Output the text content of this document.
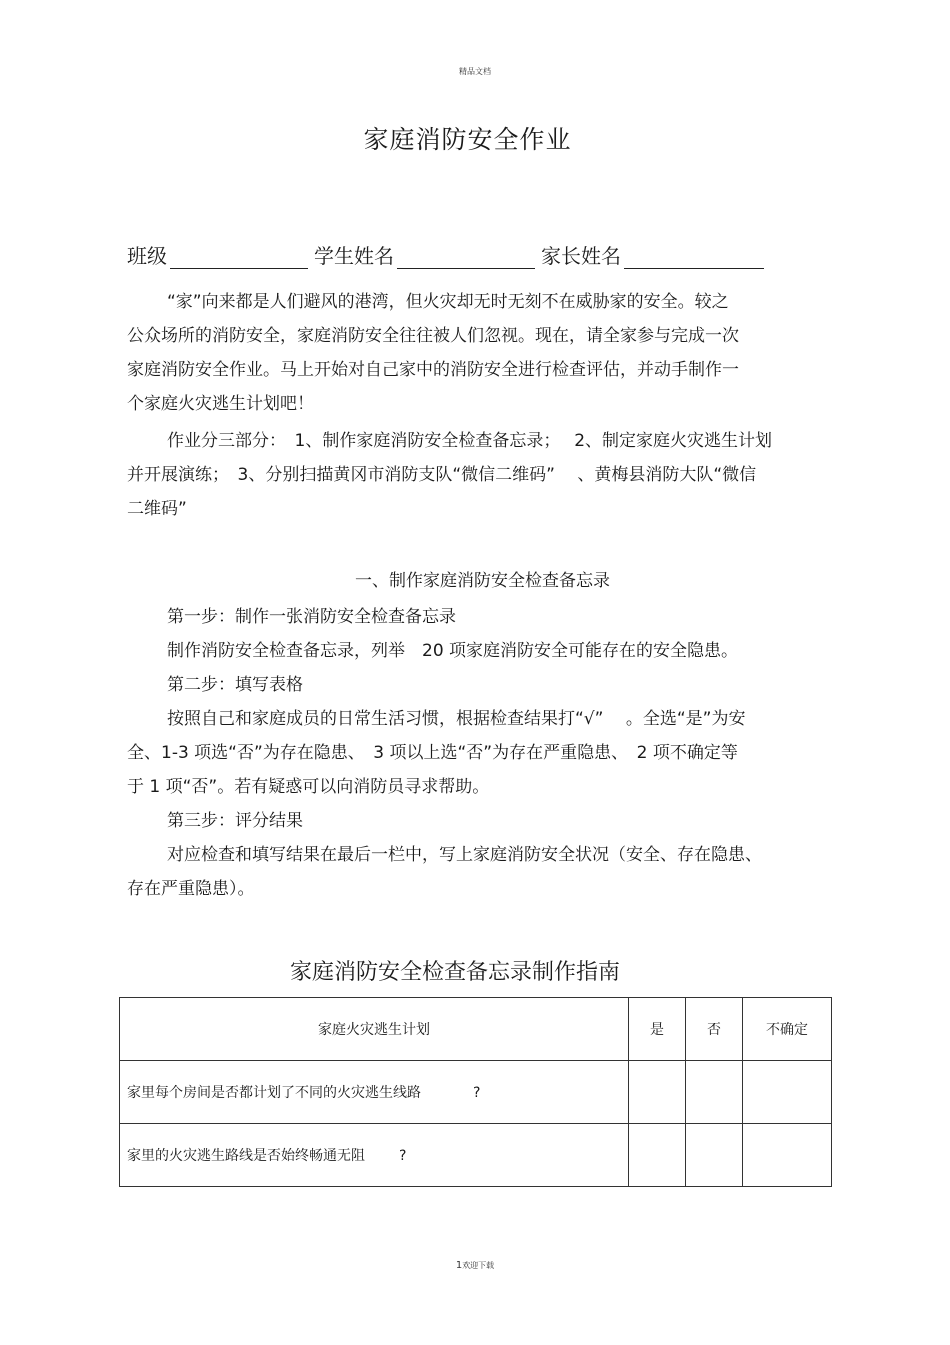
精品文档
家庭消防安全作业
班级	学生姓名	家长姓名
“家”向来都是人们避风的港湾，但火灾却无时无刻不在威胁家的安全。较之
公众场所的消防安全，家庭消防安全往往被人们忽视。现在，请全家参与完成一次
家庭消防安全作业。马上开始对自己家中的消防安全进行检查评估，并动手制作一
个家庭火灾逃生计划吧！
作业分三部分：　1、制作家庭消防安全检查备忘录；　 2、制定家庭火灾逃生计划
并开展演练；　3、分别扫描黄冈市消防支队“微信二维码”　 、黄梅县消防大队“微信
二维码”
一、制作家庭消防安全检查备忘录
第一步：制作一张消防安全检查备忘录
制作消防安全检查备忘录，列举　20 项家庭消防安全可能存在的安全隐患。
第二步：填写表格
按照自己和家庭成员的日常生活习惯，根据检查结果打“√”　 。全选“是”为安
全、1-3 项选“否”为存在隐患、　3 项以上选“否”为存在严重隐患、　2 项不确定等
于 1 项“否”。若有疑惑可以向消防员寻求帮助。
第三步：评分结果
对应检查和填写结果在最后一栏中，写上家庭消防安全状况（安全、存在隐患、
存在严重隐患）。
家庭消防安全检查备忘录制作指南
家庭火灾逃生计划	是	否	不确定
家里每个房间是否都计划了不同的火灾逃生线路 ?			
家里的火灾逃生路线是否始终畅通无阻 ?			
1欢迎下载
